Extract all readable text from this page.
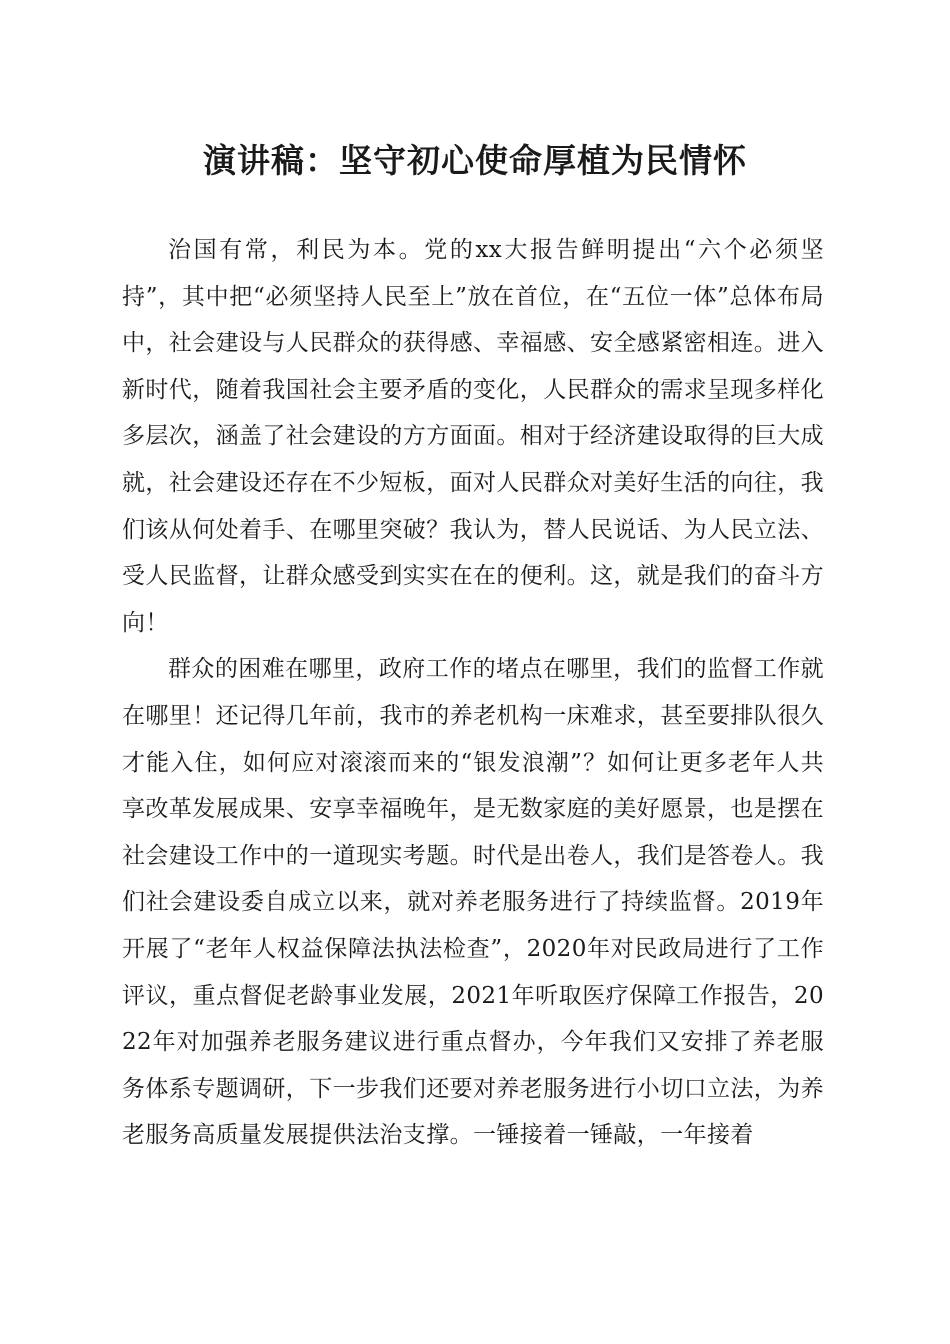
演讲稿：坚守初心使命厚植为民情怀

治国有常，利民为本。党的xx大报告鲜明提出“六个必须坚持”，其中把“必须坚持人民至上”放在首位，在“五位一体”总体布局中，社会建设与人民群众的获得感、幸福感、安全感紧密相连。进入新时代，随着我国社会主要矛盾的变化，人民群众的需求呈现多样化多层次，涵盖了社会建设的方方面面。相对于经济建设取得的巨大成就，社会建设还存在不少短板，面对人民群众对美好生活的向往，我们该从何处着手、在哪里突破？我认为，替人民说话、为人民立法、受人民监督，让群众感受到实实在在的便利。这，就是我们的奋斗方向！

群众的困难在哪里，政府工作的堵点在哪里，我们的监督工作就在哪里！还记得几年前，我市的养老机构一床难求，甚至要排队很久才能入住，如何应对滚滚而来的“银发浪潮”？如何让更多老年人共享改革发展成果、安享幸福晚年，是无数家庭的美好愿景，也是摆在社会建设工作中的一道现实考题。时代是出卷人，我们是答卷人。我们社会建设委自成立以来，就对养老服务进行了持续监督。2019年开展了“老年人权益保障法执法检查”，2020年对民政局进行了工作评议，重点督促老龄事业发展，2021年听取医疗保障工作报告，2022年对加强养老服务建议进行重点督办，今年我们又安排了养老服务体系专题调研，下一步我们还要对养老服务进行小切口立法，为养老服务高质量发展提供法治支撑。一锤接着一锤敲，一年接着
